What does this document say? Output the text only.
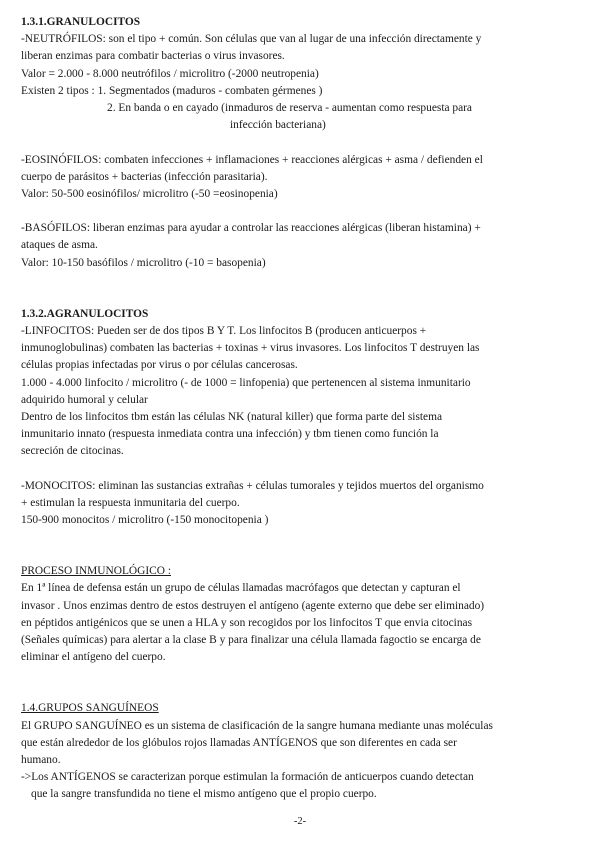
1.3.1.GRANULOCITOS
-NEUTRÓFILOS: son el tipo + común. Son células que van al lugar de una infección directamente y
liberan enzimas para combatir bacterias o virus invasores.
Valor = 2.000 - 8.000 neutrófilos / microlitro (-2000 neutropenia)
Existen 2 tipos : 1. Segmentados (maduros - combaten gérmenes )
2. En banda o en cayado (inmaduros de reserva - aumentan como respuesta para
infección bacteriana)
-EOSINÓFILOS: combaten infecciones + inflamaciones + reacciones alérgicas + asma / defienden el
cuerpo de parásitos + bacterias (infección parasitaria).
Valor: 50-500 eosinófilos/ microlitro (-50 =eosinopenia)
-BASÓFILOS: liberan enzimas para ayudar a controlar las reacciones alérgicas (liberan histamina) +
ataques de asma.
Valor: 10-150 basófilos / microlitro (-10 = basopenia)
1.3.2.AGRANULOCITOS
-LINFOCITOS: Pueden ser de dos tipos B Y T. Los linfocitos B (producen anticuerpos +
inmunoglobulinas) combaten las bacterias + toxinas + virus invasores. Los linfocitos T destruyen las
células propias infectadas por virus o por células cancerosas.
1.000 - 4.000 linfocito / microlitro (- de 1000 = linfopenia) que pertenencen al sistema inmunitario
adquirido humoral y celular
Dentro de los linfocitos tbm están las células NK (natural killer) que forma parte del sistema
inmunitario innato (respuesta inmediata contra una infección) y tbm tienen como función la
secreción de citocinas.
-MONOCITOS: eliminan las sustancias extrañas + células tumorales y tejidos muertos del organismo
+ estimulan la respuesta inmunitaria del cuerpo.
150-900 monocitos / microlitro (-150 monocitopenia )
PROCESO INMUNOLÓGICO :
En 1ª línea de defensa están un grupo de células llamadas macrófagos que detectan y capturan el
invasor . Unos enzimas dentro de estos destruyen el antígeno (agente externo que debe ser eliminado)
en péptidos antigénicos que se unen a HLA y son recogidos por los linfocitos T que envia citocinas
(Señales químicas) para alertar a la clase B y para finalizar una célula llamada fagoctio se encarga de
eliminar el antígeno del cuerpo.
1.4.GRUPOS SANGUÍNEOS
El GRUPO SANGUÍNEO es un sistema de clasificación de la sangre humana mediante unas moléculas
que están alrededor de los glóbulos rojos llamadas ANTÍGENOS que son diferentes en cada ser
humano.
->Los ANTÍGENOS se caracterizan porque estimulan la formación de anticuerpos cuando detectan
que la sangre transfundida no tiene el mismo antígeno que el propio cuerpo.
-2-
